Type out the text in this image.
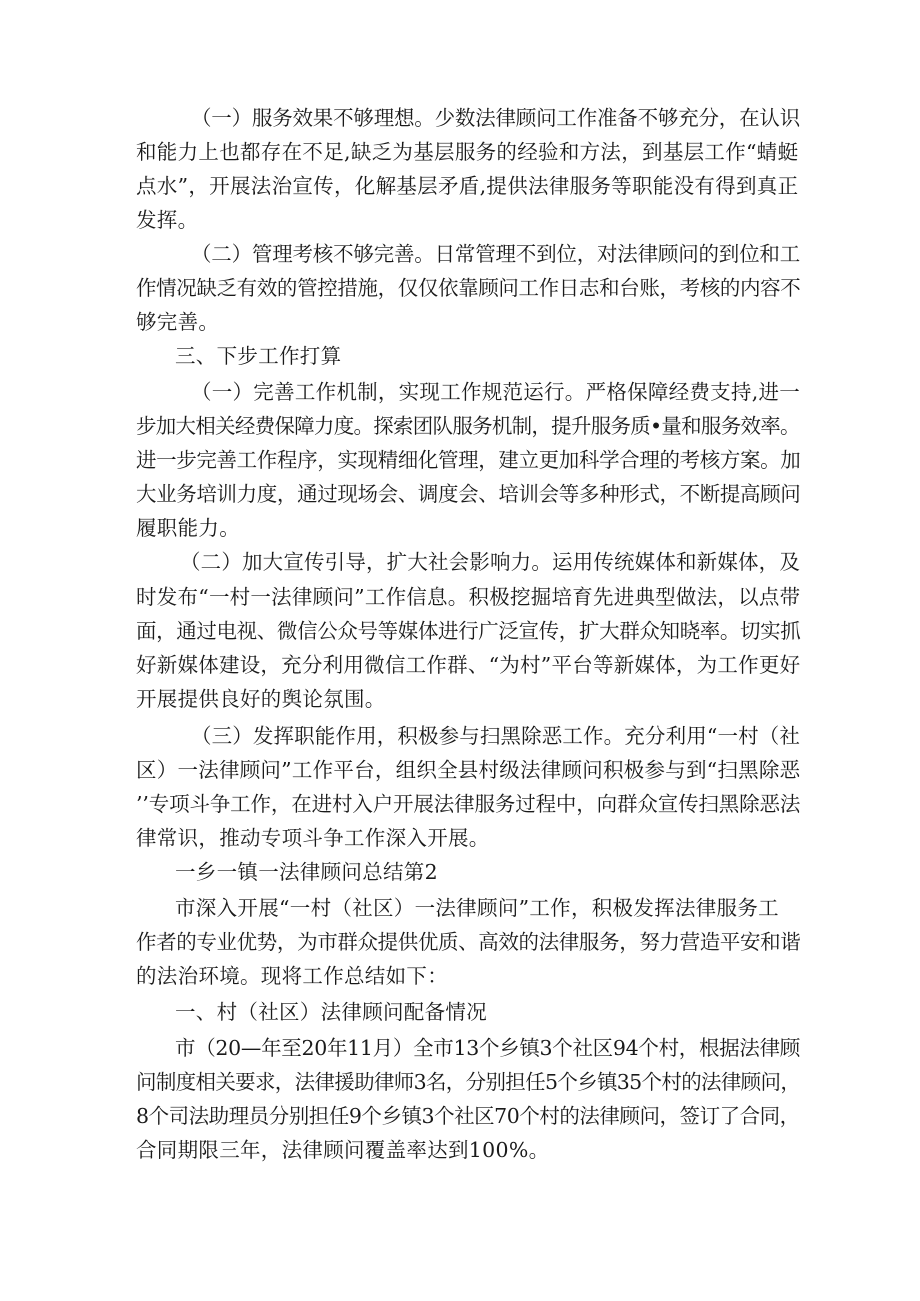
（一）服务效果不够理想。少数法律顾问工作准备不够充分，在认识
和能力上也都存在不足,缺乏为基层服务的经验和方法，到基层工作“蜻蜓
点水”，开展法治宣传，化解基层矛盾,提供法律服务等职能没有得到真正
发挥。
（二）管理考核不够完善。日常管理不到位，对法律顾问的到位和工
作情况缺乏有效的管控措施，仅仅依靠顾问工作日志和台账，考核的内容不
够完善。
三、下步工作打算
（一）完善工作机制，实现工作规范运行。严格保障经费支持,进一
步加大相关经费保障力度。探索团队服务机制，提升服务质•量和服务效率。
进一步完善工作程序，实现精细化管理，建立更加科学合理的考核方案。加
大业务培训力度，通过现场会、调度会、培训会等多种形式，不断提高顾问
履职能力。
（二）加大宣传引导，扩大社会影响力。运用传统媒体和新媒体，及
时发布“一村一法律顾问”工作信息。积极挖掘培育先进典型做法，以点带
面，通过电视、微信公众号等媒体进行广泛宣传，扩大群众知晓率。切实抓
好新媒体建设，充分利用微信工作群、“为村”平台等新媒体，为工作更好
开展提供良好的舆论氛围。
（三）发挥职能作用，积极参与扫黑除恶工作。充分利用“一村（社
区）一法律顾问”工作平台，组织全县村级法律顾问积极参与到“扫黑除恶
’’专项斗争工作，在进村入户开展法律服务过程中，向群众宣传扫黑除恶法
律常识，推动专项斗争工作深入开展。
一乡一镇一法律顾问总结第2
市深入开展“一村（社区）一法律顾问”工作，积极发挥法律服务工
作者的专业优势，为市群众提供优质、高效的法律服务，努力营造平安和谐
的法治环境。现将工作总结如下：
一、村（社区）法律顾问配备情况
市（20—年至20年11月）全市13个乡镇3个社区94个村，根据法律顾
问制度相关要求，法律援助律师3名，分别担任5个乡镇35个村的法律顾问，
8个司法助理员分别担任9个乡镇3个社区70个村的法律顾问，签订了合同，
合同期限三年，法律顾问覆盖率达到100%。
